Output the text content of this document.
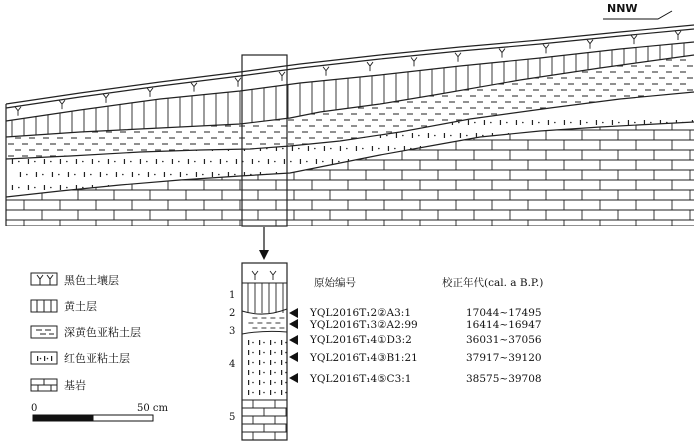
NNW
黑色土壤层
黄土层
深黄色亚粘土层
红色亚粘土层
基岩
0	50 cm
1
2
3
4
5
原始编号	校正年代(cal. a B.P.)
YQL2016T₁2②A3:1	17044~17495
YQL2016T₁3②A2:99	16414~16947
YQL2016T₁4①D3:2	36031~37056
YQL2016T₁4③B1:21	37917~39120
YQL2016T₁4⑤C3:1	38575~39708
